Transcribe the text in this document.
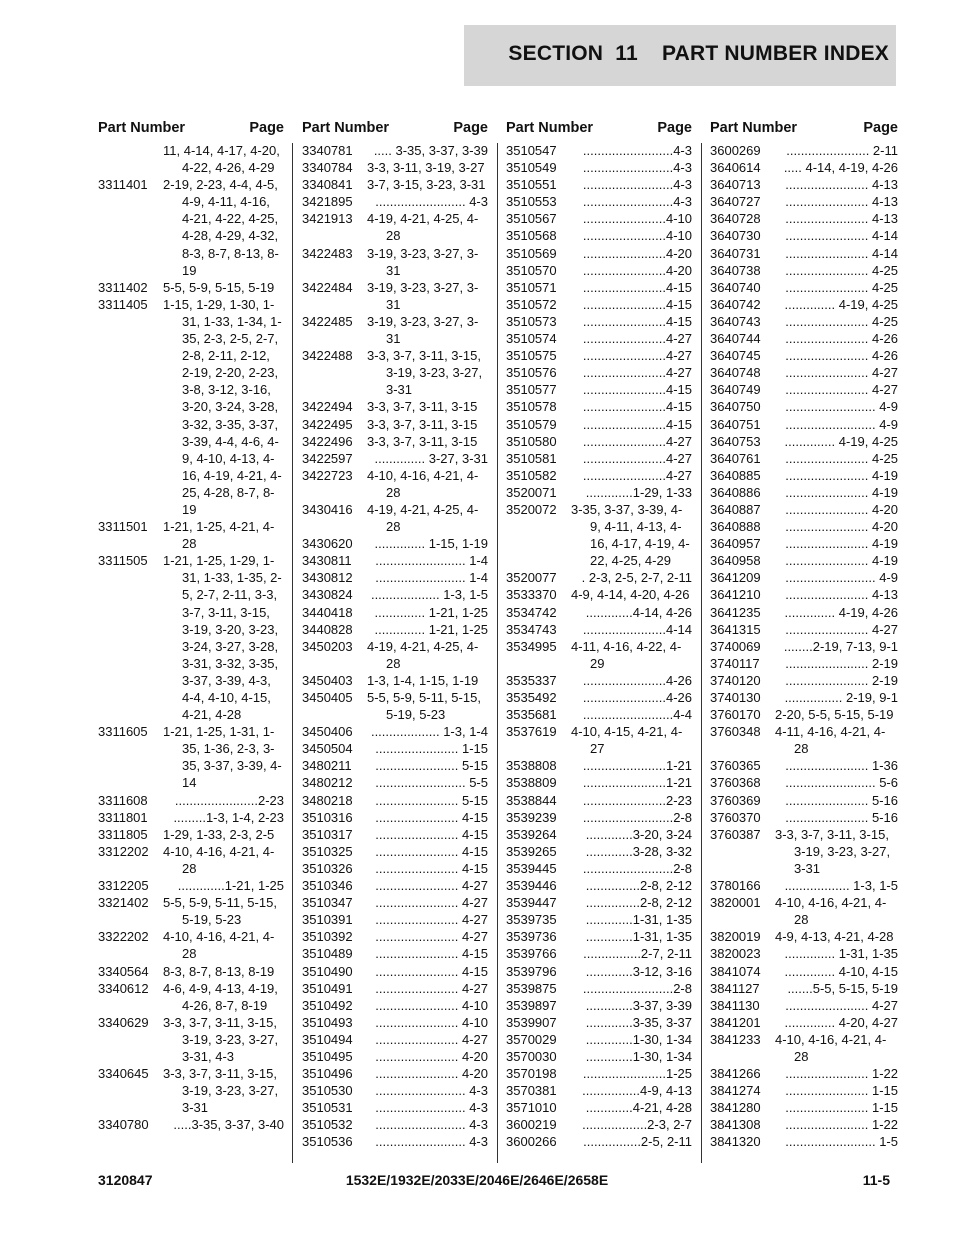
SECTION  11    PART NUMBER INDEX
Part Number	Page
11, 4-14, 4-17, 4-20, 4-22, 4-26, 4-29
3311401	2-19, 2-23, 4-4, 4-5, 4-9, 4-11, 4-16, 4-21, 4-22, 4-25, 4-28, 4-29, 4-32, 8-3, 8-7, 8-13, 8-19
3311402	5-5, 5-9, 5-15, 5-19
3311405	1-15, 1-29, 1-30, 1-31, 1-33, 1-34, 1-35, 2-3, 2-5, 2-7, 2-8, 2-11, 2-12, 2-19, 2-20, 2-23, 3-8, 3-12, 3-16, 3-20, 3-24, 3-28, 3-32, 3-35, 3-37, 3-39, 4-4, 4-6, 4-9, 4-10, 4-13, 4-16, 4-19, 4-21, 4-25, 4-28, 8-7, 8-19
3311501	1-21, 1-25, 4-21, 4-28
3311505	1-21, 1-25, 1-29, 1-31, 1-33, 1-35, 2-5, 2-7, 2-11, 3-3, 3-7, 3-11, 3-15, 3-19, 3-20, 3-23, 3-24, 3-27, 3-28, 3-31, 3-32, 3-35, 3-37, 3-39, 4-3, 4-4, 4-10, 4-15, 4-21, 4-28
3311605	1-21, 1-25, 1-31, 1-35, 1-36, 2-3, 3-35, 3-37, 3-39, 4-14
3311608	.......................2-23
3311801	.........1-3, 1-4, 2-23
3311805	1-29, 1-33, 2-3, 2-5
3312202	4-10, 4-16, 4-21, 4-28
3312205	.............1-21, 1-25
3321402	5-5, 5-9, 5-11, 5-15, 5-19, 5-23
3322202	4-10, 4-16, 4-21, 4-28
3340564	8-3, 8-7, 8-13, 8-19
3340612	4-6, 4-9, 4-13, 4-19, 4-26, 8-7, 8-19
3340629	3-3, 3-7, 3-11, 3-15, 3-19, 3-23, 3-27, 3-31, 4-3
3340645	3-3, 3-7, 3-11, 3-15, 3-19, 3-23, 3-27, 3-31
3340780	.....3-35, 3-37, 3-40
Part Number	Page
3340781	..... 3-35, 3-37, 3-39
3340784	3-3, 3-11, 3-19, 3-27
3340841	3-7, 3-15, 3-23, 3-31
3421895	......................... 4-3
3421913	4-19, 4-21, 4-25, 4-28
3422483	3-19, 3-23, 3-27, 3-31
3422484	3-19, 3-23, 3-27, 3-31
3422485	3-19, 3-23, 3-27, 3-31
3422488	3-3, 3-7, 3-11, 3-15, 3-19, 3-23, 3-27, 3-31
3422494	3-3, 3-7, 3-11, 3-15
3422495	3-3, 3-7, 3-11, 3-15
3422496	3-3, 3-7, 3-11, 3-15
3422597	.............. 3-27, 3-31
3422723	4-10, 4-16, 4-21, 4-28
3430416	4-19, 4-21, 4-25, 4-28
3430620	.............. 1-15, 1-19
3430811	......................... 1-4
3430812	......................... 1-4
3430824	................... 1-3, 1-5
3440418	.............. 1-21, 1-25
3440828	.............. 1-21, 1-25
3450203	4-19, 4-21, 4-25, 4-28
3450403	1-3, 1-4, 1-15, 1-19
3450405	5-5, 5-9, 5-11, 5-15, 5-19, 5-23
3450406	................... 1-3, 1-4
3450504	....................... 1-15
3480211	....................... 5-15
3480212	......................... 5-5
3480218	....................... 5-15
3510316	....................... 4-15
3510317	....................... 4-15
3510325	....................... 4-15
3510326	....................... 4-15
3510346	....................... 4-27
3510347	....................... 4-27
3510391	....................... 4-27
3510392	....................... 4-27
3510489	....................... 4-15
3510490	....................... 4-15
3510491	....................... 4-27
3510492	....................... 4-10
3510493	....................... 4-10
3510494	....................... 4-27
3510495	....................... 4-20
3510496	....................... 4-20
3510530	......................... 4-3
3510531	......................... 4-3
3510532	......................... 4-3
3510536	......................... 4-3
Part Number	Page
3510547	.........................4-3
3510549	.........................4-3
3510551	.........................4-3
3510553	.........................4-3
3510567	.......................4-10
3510568	.......................4-10
3510569	.......................4-20
3510570	.......................4-20
3510571	.......................4-15
3510572	.......................4-15
3510573	.......................4-15
3510574	.......................4-27
3510575	.......................4-27
3510576	.......................4-27
3510577	.......................4-15
3510578	.......................4-15
3510579	.......................4-15
3510580	.......................4-27
3510581	.......................4-27
3510582	.......................4-27
3520071	.............1-29, 1-33
3520072	3-35, 3-37, 3-39, 4-9, 4-11, 4-13, 4-16, 4-17, 4-19, 4-22, 4-25, 4-29
3520077	. 2-3, 2-5, 2-7, 2-11
3533370	4-9, 4-14, 4-20, 4-26
3534742	.............4-14, 4-26
3534743	.......................4-14
3534995	4-11, 4-16, 4-22, 4-29
3535337	.......................4-26
3535492	.......................4-26
3535681	.........................4-4
3537619	4-10, 4-15, 4-21, 4-27
3538808	.......................1-21
3538809	.......................1-21
3538844	.......................2-23
3539239	.........................2-8
3539264	.............3-20, 3-24
3539265	.............3-28, 3-32
3539445	.........................2-8
3539446	...............2-8, 2-12
3539447	...............2-8, 2-12
3539735	.............1-31, 1-35
3539736	.............1-31, 1-35
3539766	................2-7, 2-11
3539796	.............3-12, 3-16
3539875	.........................2-8
3539897	.............3-37, 3-39
3539907	.............3-35, 3-37
3570029	.............1-30, 1-34
3570030	.............1-30, 1-34
3570198	.......................1-25
3570381	................4-9, 4-13
3571010	.............4-21, 4-28
3600219	..................2-3, 2-7
3600266	................2-5, 2-11
Part Number	Page
3600269	....................... 2-11
3640614	..... 4-14, 4-19, 4-26
3640713	....................... 4-13
3640727	....................... 4-13
3640728	....................... 4-13
3640730	....................... 4-14
3640731	....................... 4-14
3640738	....................... 4-25
3640740	....................... 4-25
3640742	.............. 4-19, 4-25
3640743	....................... 4-25
3640744	....................... 4-26
3640745	....................... 4-26
3640748	....................... 4-27
3640749	....................... 4-27
3640750	......................... 4-9
3640751	......................... 4-9
3640753	.............. 4-19, 4-25
3640761	....................... 4-25
3640885	....................... 4-19
3640886	....................... 4-19
3640887	....................... 4-20
3640888	....................... 4-20
3640957	....................... 4-19
3640958	....................... 4-19
3641209	......................... 4-9
3641210	....................... 4-13
3641235	.............. 4-19, 4-26
3641315	....................... 4-27
3740069	........2-19, 7-13, 9-1
3740117	....................... 2-19
3740120	....................... 2-19
3740130	................ 2-19, 9-1
3760170	2-20, 5-5, 5-15, 5-19
3760348	4-11, 4-16, 4-21, 4-28
3760365	....................... 1-36
3760368	......................... 5-6
3760369	....................... 5-16
3760370	....................... 5-16
3760387	3-3, 3-7, 3-11, 3-15, 3-19, 3-23, 3-27, 3-31
3780166	.................. 1-3, 1-5
3820001	4-10, 4-16, 4-21, 4-28
3820019	4-9, 4-13, 4-21, 4-28
3820023	.............. 1-31, 1-35
3841074	.............. 4-10, 4-15
3841127	.......5-5, 5-15, 5-19
3841130	....................... 4-27
3841201	.............. 4-20, 4-27
3841233	4-10, 4-16, 4-21, 4-28
3841266	....................... 1-22
3841274	....................... 1-15
3841280	....................... 1-15
3841308	....................... 1-22
3841320	......................... 1-5
3120847	1532E/1932E/2033E/2046E/2646E/2658E	11-5
